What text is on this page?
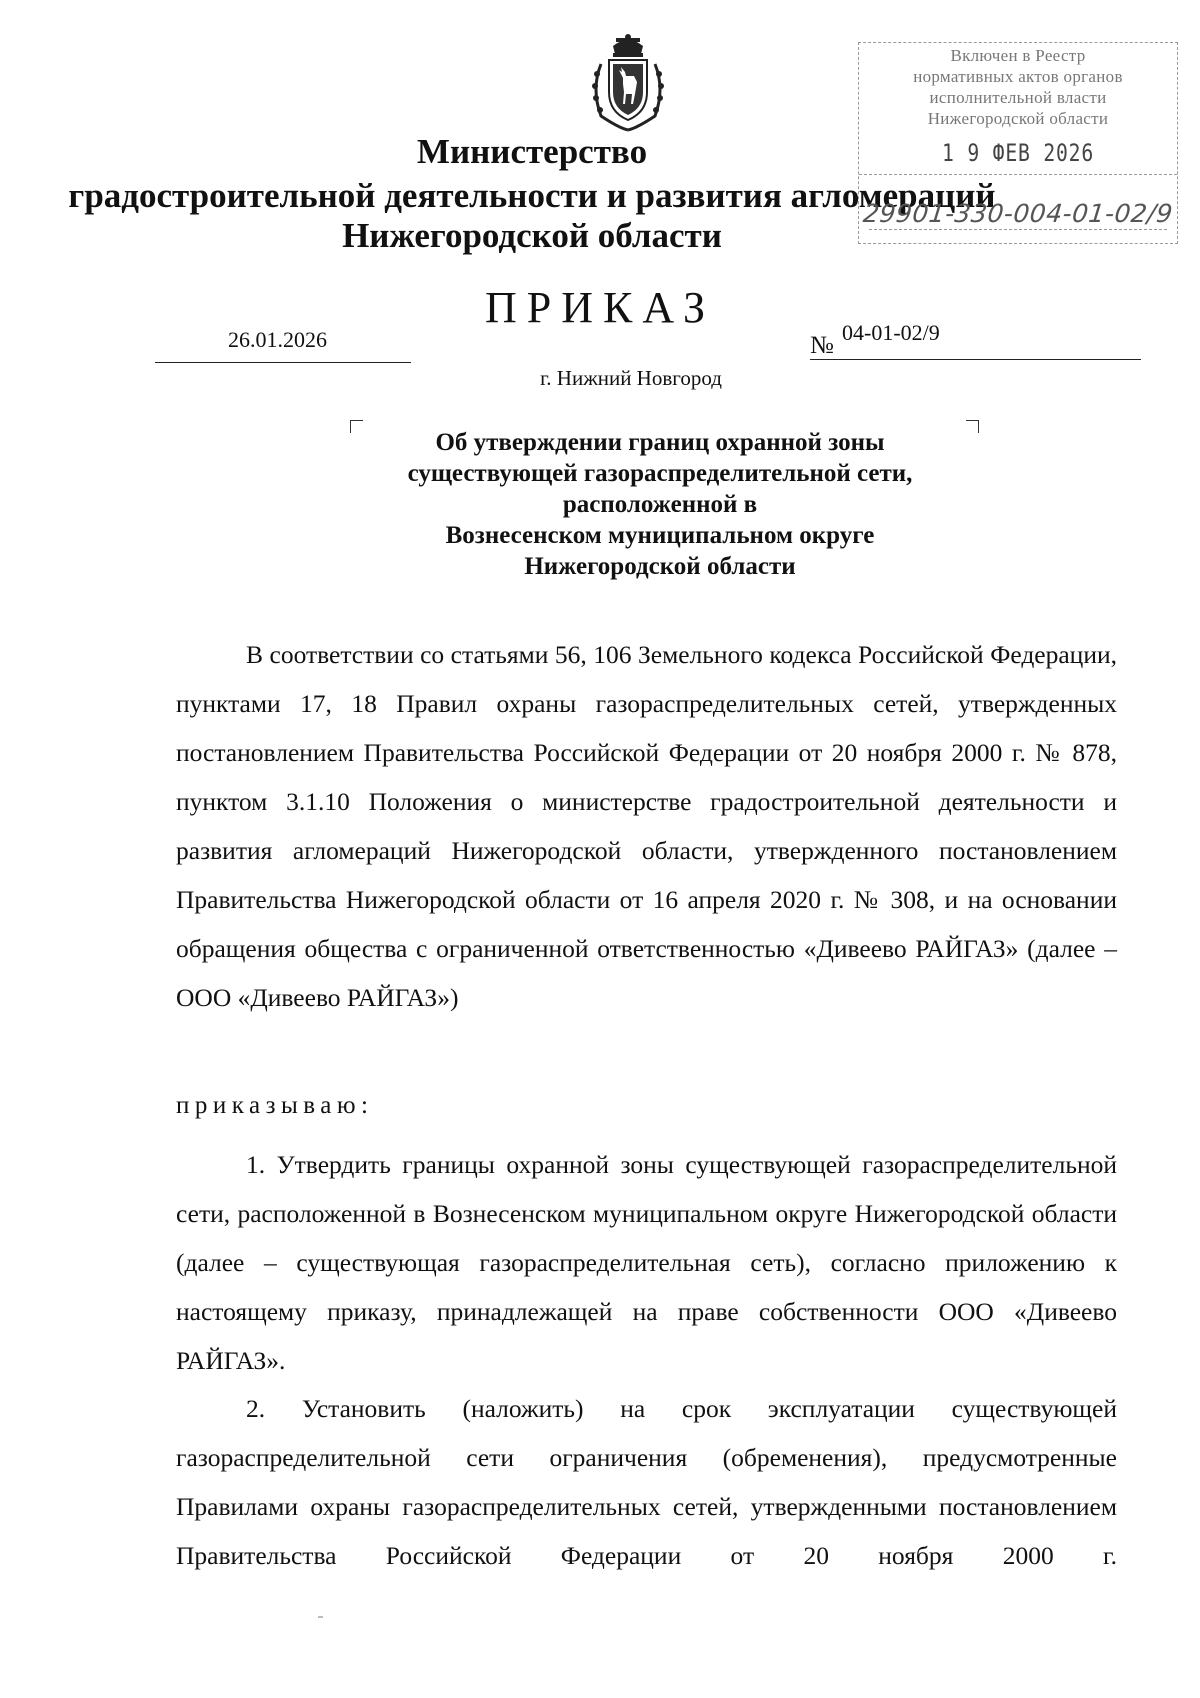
Министерство
градостроительной деятельности и развития агломераций
Нижегородской области
Включен в Реестр
нормативных актов органов
исполнительной власти
Нижегородской области
1 9 ФЕВ 2026
29901-330-004-01-02/9
ПРИКАЗ
26.01.2026	№ 04-01-02/9
г. Нижний Новгород
Об утверждении границ охранной зоны
существующей газораспределительной сети,
расположенной в
Вознесенском муниципальном округе
Нижегородской области

В соответствии со статьями 56, 106 Земельного кодекса Российской Федерации, пунктами 17, 18 Правил охраны газораспределительных сетей, утвержденных постановлением Правительства Российской Федерации от 20 ноября 2000 г. № 878, пунктом 3.1.10 Положения о министерстве градостроительной деятельности и развития агломераций Нижегородской области, утвержденного постановлением Правительства Нижегородской области от 16 апреля 2020 г. № 308, и на основании обращения общества с ограниченной ответственностью «Дивеево РАЙГАЗ» (далее – ООО «Дивеево РАЙГАЗ»)

приказываю:

1. Утвердить границы охранной зоны существующей газораспределительной сети, расположенной в Вознесенском муниципальном округе Нижегородской области (далее – существующая газораспределительная сеть), согласно приложению к настоящему приказу, принадлежащей на праве собственности ООО «Дивеево РАЙГАЗ».

2. Установить (наложить) на срок эксплуатации существующей газораспределительной сети ограничения (обременения), предусмотренные Правилами охраны газораспределительных сетей, утвержденными постановлением Правительства Российской Федерации от 20 ноября 2000 г.
